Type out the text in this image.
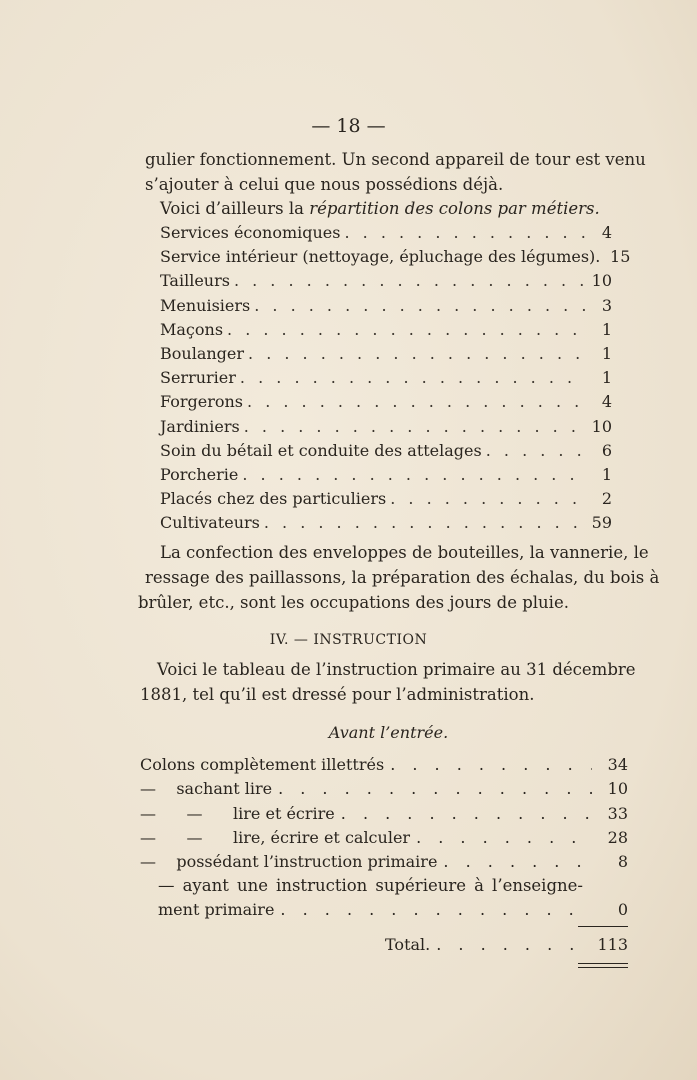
— 18 —
gulier fonctionnement. Un second appareil de tour est venu
s’ajouter à celui que nous possédions déjà.
Voici d’ailleurs la répartition des colons par métiers.
Services économiques . . .	4
Service intérieur (nettoyage, épluchage des légumes). 15
Tailleurs . . .	10
Menuisiers . . .	3
Maçons . . .	1
Boulanger . . .	1
Serrurier . . .	1
Forgerons . . .	4
Jardiniers . . .	10
Soin du bétail et conduite des attelages . . .	6
Porcherie . . .	1
Placés chez des particuliers . . .	2
Cultivateurs . . .	59
La confection des enveloppes de bouteilles, la vannerie, le
ressage des paillassons, la préparation des échalas, du bois à
brûler, etc., sont les occupations des jours de pluie.
IV. — INSTRUCTION
Voici le tableau de l’instruction primaire au 31 décembre
1881, tel qu’il est dressé pour l’administration.
Avant l’entrée.
Colons complètement illettrés . . .	34
—    sachant lire . . .	10
—      —      lire et écrire . . .	33
—      —      lire, écrire et calculer . . .	28
—    possédant l’instruction primaire . . .	8
— ayant une instruction supérieure à l’enseigne-
ment primaire . . .	0
Total. . . .	113
